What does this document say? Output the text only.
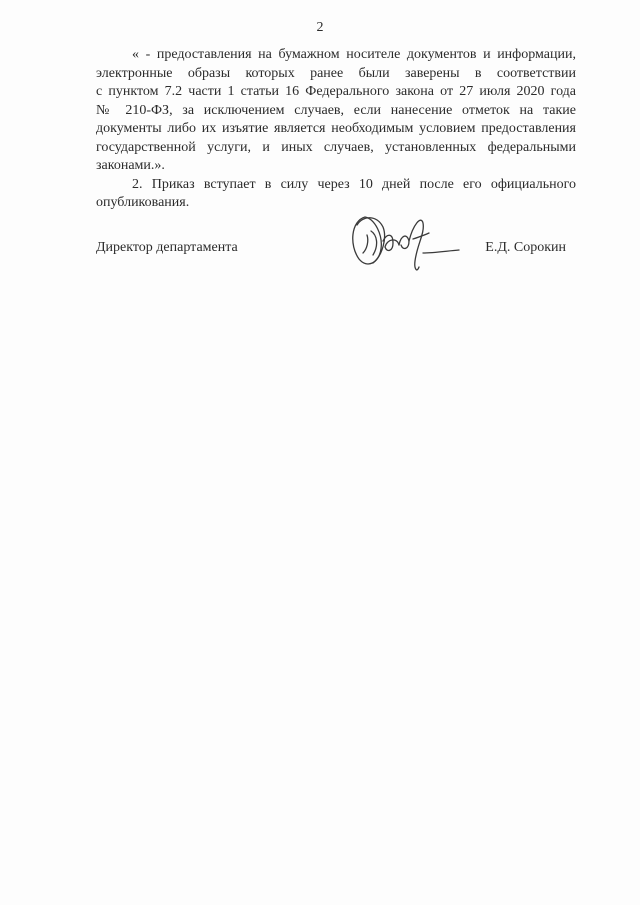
2
« - предоставления на бумажном носителе документов и информации,
электронные образы которых ранее были заверены в соответствии
с пунктом 7.2 части 1 статьи 16 Федерального закона от 27 июля 2020 года
№ 210-ФЗ, за исключением случаев, если нанесение отметок на такие
документы либо их изъятие является необходимым условием предоставления
государственной услуги, и иных случаев, установленных федеральными
законами.».
2. Приказ вступает в силу через 10 дней после его официального
опубликования.
Директор департамента	Е.Д. Сорокин
